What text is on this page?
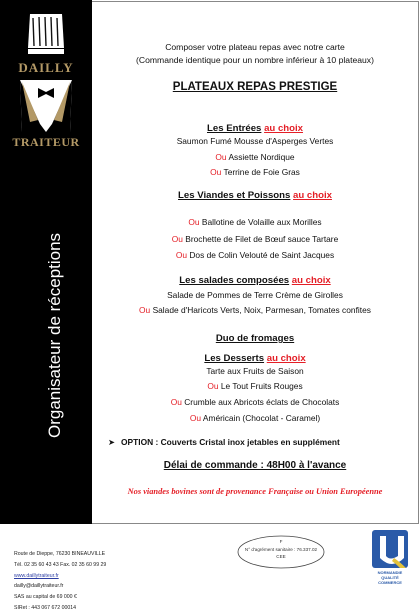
DAILLY
TRAITEUR
Organisateur de réceptions
Composer votre plateau repas avec notre carte
(Commande identique pour un nombre inférieur à 10 plateaux)
PLATEAUX REPAS PRESTIGE
Les Entrées au choix
Saumon Fumé Mousse d'Asperges Vertes
Ou Assiette Nordique
Ou Terrine de Foie Gras
Les Viandes et Poissons au choix
Ou Ballotine de Volaille aux Morilles
Ou Brochette de Filet de Bœuf sauce Tartare
Ou Dos de Colin Velouté de Saint Jacques
Les salades composées au choix
Salade de Pommes de Terre Crème de Girolles
Ou Salade d'Haricots Verts, Noix, Parmesan, Tomates confites
Duo de fromages
Les Desserts au choix
Tarte aux Fruits de Saison
Ou Le Tout Fruits Rouges
Ou Crumble aux Abricots éclats de Chocolats
Ou Américain (Chocolat - Caramel)
➤ OPTION : Couverts Cristal inox jetables en supplément
Délai de commande : 48H00 à l'avance
Nos viandes bovines sont de provenance Française ou Union Européenne
Route de Dieppe, 76230 BINEAUVILLE
Tél. 02 35 60 43 43 Fax. 02 35 60 99 29
www.daillytraiteur.fr
dailly@daillytraiteur.fr
SAS au capital de 69 000 €
SIRet : 443 067 672 00014
F
N° d'agrément sanitaire : 76.337.02
CEE
NORMANDIE
QUALITÉ
COMMERCE
